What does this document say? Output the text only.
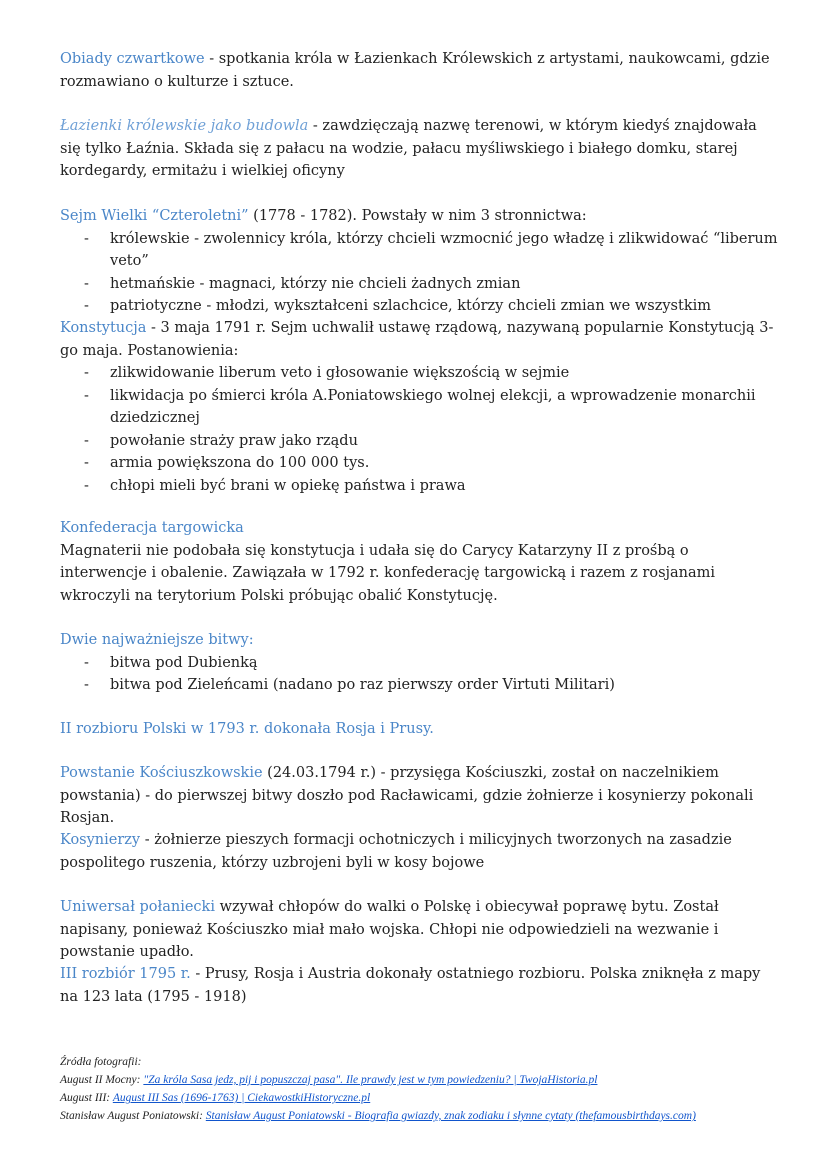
Obiady czwartkowe - spotkania króla w Łazienkach Królewskich z artystami, naukowcami, gdzie rozmawiano o kulturze i sztuce.

Łazienki królewskie jako budowla - zawdzięczają nazwę terenowi, w którym kiedyś znajdowała się tylko Łaźnia. Składa się z pałacu na wodzie, pałacu myśliwskiego i białego domku, starej kordegardy, ermitażu i wielkiej oficyny

Sejm Wielki “Czteroletni” (1778 - 1782). Powstały w nim 3 stronnictwa:

- królewskie - zwolennicy króla, którzy chcieli wzmocnić jego władzę i zlikwidować “liberum veto”
- hetmańskie - magnaci, którzy nie chcieli żadnych zmian
- patriotyczne - młodzi, wykształceni szlachcice, którzy chcieli zmian we wszystkim

Konstytucja - 3 maja 1791 r. Sejm uchwalił ustawę rządową, nazywaną popularnie Konstytucją 3-go maja. Postanowienia:

- zlikwidowanie liberum veto i głosowanie większością w sejmie
- likwidacja po śmierci króla A.Poniatowskiego wolnej elekcji, a wprowadzenie monarchii dziedzicznej
- powołanie straży praw jako rządu
- armia powiększona do 100 000 tys.
- chłopi mieli być brani w opiekę państwa i prawa

Konfederacja targowicka

Magnaterii nie podobała się konstytucja i udała się do Carycy Katarzyny II z prośbą o interwencje i obalenie. Zawiązała w 1792 r. konfederację targowicką i razem z rosjanami wkroczyli na terytorium Polski próbując obalić Konstytucję.

Dwie najważniejsze bitwy:

- bitwa pod Dubienką
- bitwa pod Zieleńcami (nadano po raz pierwszy order Virtuti Militari)

II rozbioru Polski w 1793 r. dokonała Rosja i Prusy.

Powstanie Kościuszkowskie (24.03.1794 r.) - przysięga Kościuszki, został on naczelnikiem powstania) - do pierwszej bitwy doszło pod Racławicami, gdzie żołnierze i kosynierzy pokonali Rosjan.

Kosynierzy - żołnierze pieszych formacji ochotniczych i milicyjnych tworzonych na zasadzie pospolitego ruszenia, którzy uzbrojeni byli w kosy bojowe

Uniwersał połaniecki wzywał chłopów do walki o Polskę i obiecywał poprawę bytu. Został napisany, ponieważ Kościuszko miał mało wojska. Chłopi nie odpowiedzieli na wezwanie i powstanie upadło.

III rozbiór 1795 r. - Prusy, Rosja i Austria dokonały ostatniego rozbioru. Polska zniknęła z mapy na 123 lata (1795 - 1918)

Źródła fotografii:
August II Mocny: "Za króla Sasa jedz, pij i popuszczaj pasa". Ile prawdy jest w tym powiedzeniu? | TwojaHistoria.pl
August III: August III Sas (1696-1763) | CiekawostkiHistoryczne.pl
Stanisław August Poniatowski: Stanisław August Poniatowski - Biografia gwiazdy, znak zodiaku i słynne cytaty (thefamousbirthdays.com)
